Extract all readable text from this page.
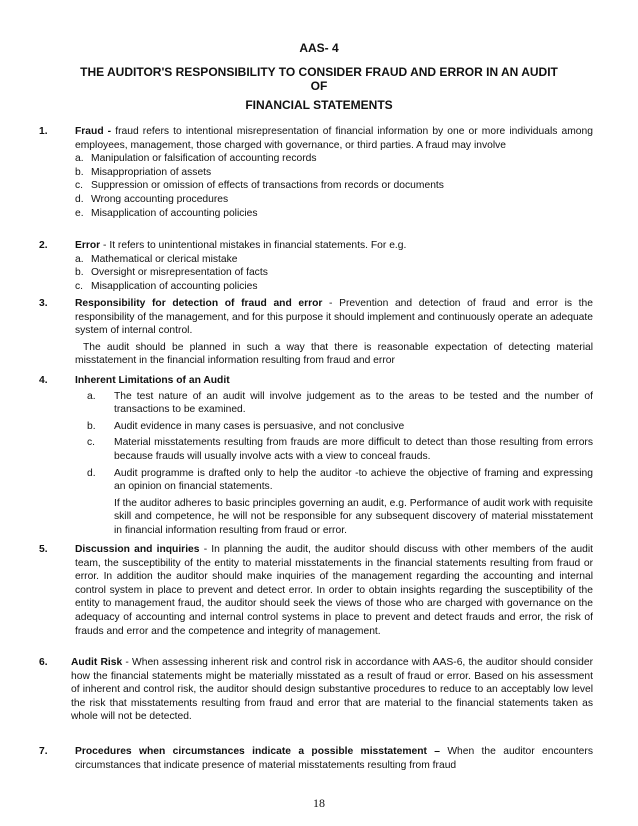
AAS- 4
THE AUDITOR'S RESPONSIBILITY TO CONSIDER FRAUD AND ERROR IN AN AUDIT
OF
FINANCIAL STATEMENTS
1.	Fraud - fraud refers to intentional misrepresentation of financial information by one or more individuals among employees, management, those charged with governance, or third parties. A fraud may involve
a. Manipulation or falsification of accounting records
b. Misappropriation of assets
c. Suppression or omission of effects of transactions from records or documents
d. Wrong accounting procedures
e. Misapplication of accounting policies
2.	Error - It refers to unintentional mistakes in financial statements. For e.g.
a. Mathematical or clerical mistake
b. Oversight or misrepresentation of facts
c. Misapplication of accounting policies
3.	Responsibility for detection of fraud and error - Prevention and detection of fraud and error is the responsibility of the management, and for this purpose it should implement and continuously operate an adequate system of internal control.
The audit should be planned in such a way that there is reasonable expectation of detecting material misstatement in the financial information resulting from fraud and error
4.	Inherent Limitations of an Audit
a.	The test nature of an audit will involve judgement as to the areas to be tested and the number of transactions to be examined.
b.	Audit evidence in many cases is persuasive, and not conclusive
c.	Material misstatements resulting from frauds are more difficult to detect than those resulting from errors because frauds will usually involve acts with a view to conceal frauds.
d.	Audit programme is drafted only to help the auditor -to achieve the objective of framing and expressing an opinion on financial statements.
If the auditor adheres to basic principles governing an audit, e.g. Performance of audit work with requisite skill and competence, he will not be responsible for any subsequent discovery of material misstatement in financial information resulting from fraud or error.
5.	Discussion and inquiries - In planning the audit, the auditor should discuss with other members of the audit team, the susceptibility of the entity to material misstatements in the financial statements resulting from fraud or error. In addition the auditor should make inquiries of the management regarding the accounting and internal control system in place to prevent and detect error. In order to obtain insights regarding the susceptibility of the entity to management fraud, the auditor should seek the views of those who are charged with governance on the adequacy of accounting and internal control systems in place to prevent and detect frauds and error, the risk of frauds and error and the competence and integrity of management.
6. Audit Risk - When assessing inherent risk and control risk in accordance with AAS-6, the auditor should consider how the financial statements might be materially misstated as a result of fraud or error. Based on his assessment of inherent and control risk, the auditor should design substantive procedures to reduce to an acceptably low level the risk that misstatements resulting from fraud and error that are material to the financial statements taken as whole will not be detected.
7.	Procedures when circumstances indicate a possible misstatement – When the auditor encounters circumstances that indicate presence of material misstatements resulting from fraud
18
